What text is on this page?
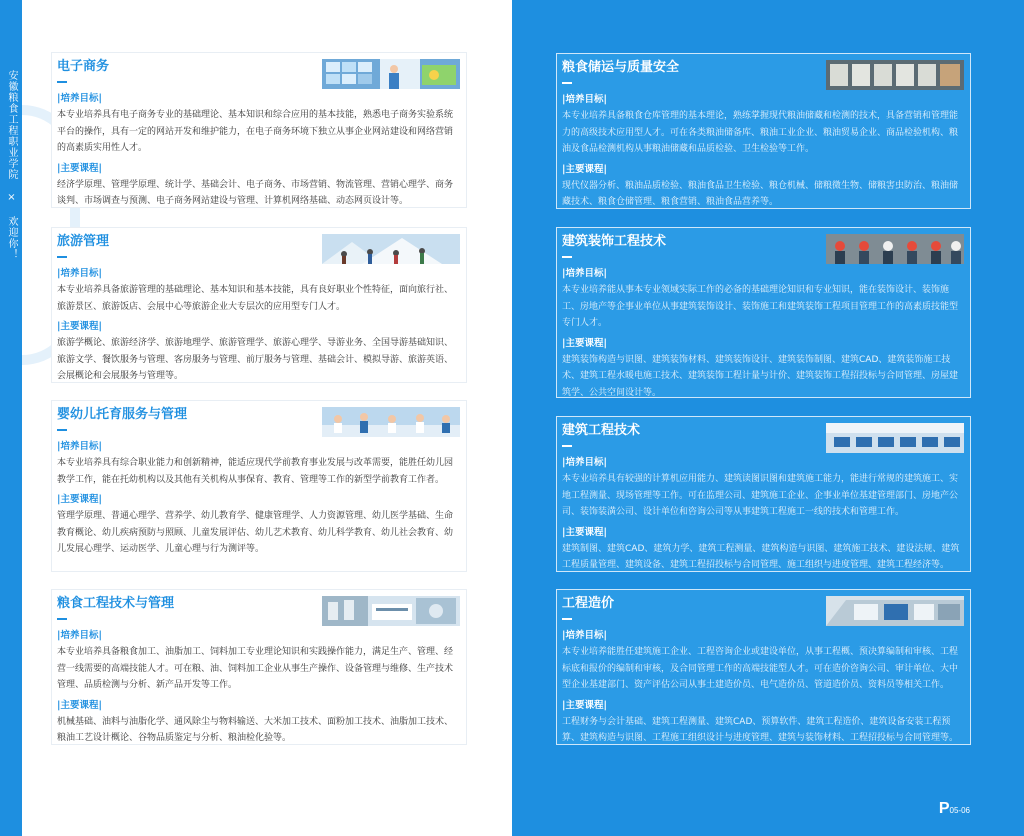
安徽粮食工程职业学院 × 欢迎你！
电子商务
|培养目标|
本专业培养具有电子商务专业的基础理论、基本知识和综合应用的基本技能，熟悉电子商务实验系统平台的操作，具有一定的网站开发和维护能力，在电子商务环境下独立从事企业网站建设和网络营销的高素质实用性人才。
|主要课程|
经济学原理、管理学原理、统计学、基础会计、电子商务、市场营销、物流管理、营销心理学、商务谈判、市场调查与预测、电子商务网站建设与管理、计算机网络基础、动态网页设计等。
旅游管理
|培养目标|
本专业培养具备旅游管理的基础理论、基本知识和基本技能，具有良好职业个性特征，面向旅行社、旅游景区、旅游饭店、会展中心等旅游企业大专层次的应用型专门人才。
|主要课程|
旅游学概论、旅游经济学、旅游地理学、旅游管理学、旅游心理学、导游业务、全国导游基础知识、旅游文学、餐饮服务与管理、客房服务与管理、前厅服务与管理、基础会计、模拟导游、旅游英语、会展概论和会展服务与管理等。
婴幼儿托育服务与管理
|培养目标|
本专业培养具有综合职业能力和创新精神，能适应现代学前教育事业发展与改革需要，能胜任幼儿园教学工作，能在托幼机构以及其他有关机构从事保育、教育、管理等工作的新型学前教育工作者。
|主要课程|
管理学原理、普通心理学、营养学、幼儿教育学、健康管理学、人力资源管理、幼儿医学基础、生命教育概论、幼儿疾病预防与照顾、儿童发展评估、幼儿艺术教育、幼儿科学教育、幼儿社会教育、幼儿发展心理学、运动医学、儿童心理与行为测评等。
粮食工程技术与管理
|培养目标|
本专业培养具备粮食加工、油脂加工、饲料加工专业理论知识和实践操作能力，满足生产、管理、经营一线需要的高端技能人才。可在粮、油、饲料加工企业从事生产操作、设备管理与维修、生产技术管理、品质检测与分析、新产品开发等工作。
|主要课程|
机械基础、油料与油脂化学、通风除尘与物料输送、大米加工技术、面粉加工技术、油脂加工技术、粮油工艺设计概论、谷物品质鉴定与分析、粮油检化验等。
粮食储运与质量安全
|培养目标|
本专业培养具备粮食仓库管理的基本理论，熟练掌握现代粮油储藏和检测的技术，具备营销和管理能力的高级技术应用型人才。可在各类粮油储备库、粮油工业企业、粮油贸易企业、商品检验机构、粮油及食品检测机构从事粮油储藏和品质检验、卫生检验等工作。
|主要课程|
现代仪器分析、粮油品质检验、粮油食品卫生检验、粮仓机械、储粮微生物、储粮害虫防治、粮油储藏技术、粮食仓储管理、粮食营销、粮油食品营养等。
建筑装饰工程技术
|培养目标|
本专业培养能从事本专业领域实际工作的必备的基础理论知识和专业知识，能在装饰设计、装饰施工、房地产等企事业单位从事建筑装饰设计、装饰施工和建筑装饰工程项目管理工作的高素质技能型专门人才。
|主要课程|
建筑装饰构造与识图、建筑装饰材料、建筑装饰设计、建筑装饰制图、建筑CAD、建筑装饰施工技术、建筑工程水暖电施工技术、建筑装饰工程计量与计价、建筑装饰工程招投标与合同管理、房屋建筑学、公共空间设计等。
建筑工程技术
|培养目标|
本专业培养具有较强的计算机应用能力、建筑读图识图和建筑施工能力，能进行常规的建筑施工、实地工程测量、现场管理等工作。可在监理公司、建筑施工企业、企事业单位基建管理部门、房地产公司、装饰装潢公司、设计单位和咨询公司等从事建筑工程施工一线的技术和管理工作。
|主要课程|
建筑制图、建筑CAD、建筑力学、建筑工程测量、建筑构造与识图、建筑施工技术、建设法规、建筑工程质量管理、建筑设备、建筑工程招投标与合同管理、施工组织与进度管理、建筑工程经济等。
工程造价
|培养目标|
本专业培养能胜任建筑施工企业、工程咨询企业或建设单位，从事工程概、预决算编制和审核、工程标底和报价的编制和审核，及合同管理工作的高端技能型人才。可在造价咨询公司、审计单位、大中型企业基建部门、资产评估公司从事土建造价员、电气造价员、管道造价员、资料员等相关工作。
|主要课程|
工程财务与会计基础、建筑工程测量、建筑CAD、预算软件、建筑工程造价、建筑设备安装工程预算、建筑构造与识图、工程施工组织设计与进度管理、建筑与装饰材料、工程招投标与合同管理等。
P05-06
